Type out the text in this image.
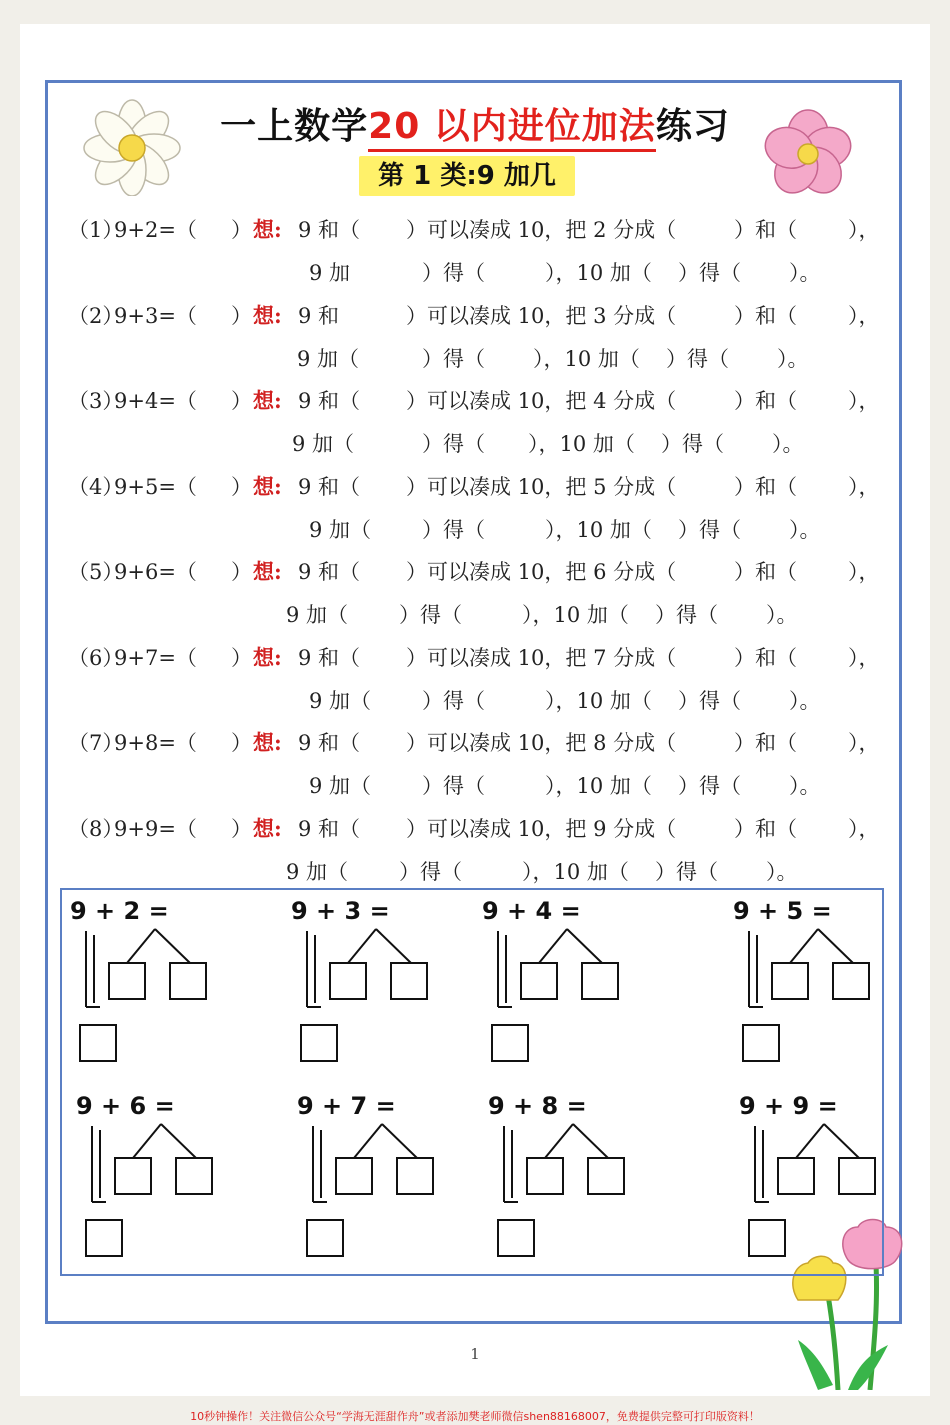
一上数学20 以内进位加法练习
第 1 类:9 加几
（1）
9+2=（ ） 想: 9 和（ ）可以凑成 10，把 2 分成（	）和（ ），
9 加	）得（	），10 加（ ）得（ ）。
（2）
9+3=（ ） 想: 9 和	）可以凑成 10，把 3 分成（	）和（ ），
9 加（	）得（ ），10 加（ ）得（ ）。
（3）
9+4=（ ） 想: 9 和（ ）可以凑成 10，把 4 分成（	）和（ ），
9 加（	）得（ ），10 加（ ）得（ ）。
（4）
9+5=（ ） 想: 9 和（ ）可以凑成 10，把 5 分成（	）和（ ），
9 加（ ）得（	），10 加（ ）得（ ）。
（5）
9+6=（ ） 想: 9 和（ ）可以凑成 10，把 6 分成（	）和（ ），
9 加（ ）得（	），10 加（ ）得（ ）。
（6）
9+7=（ ） 想: 9 和（ ）可以凑成 10，把 7 分成（	）和（ ），
9 加（ ）得（	），10 加（ ）得（ ）。
（7）
9+8=（ ） 想: 9 和（ ）可以凑成 10，把 8 分成（	）和（ ），
9 加（ ）得（	），10 加（ ）得（ ）。
（8）
9+9=（ ） 想: 9 和（ ）可以凑成 10，把 9 分成（	）和（ ），
9 加（ ）得（	），10 加（ ）得（ ）。
9 + 2 =	9 + 3 =	9 + 4 =	9 + 5 =
9 + 6 =	9 + 7 =	9 + 8 =	9 + 9 =
1
10秒钟操作！关注微信公众号“学海无涯甜作舟”或者添加樊老师微信shen88168007，免费提供完整可打印版资料！
